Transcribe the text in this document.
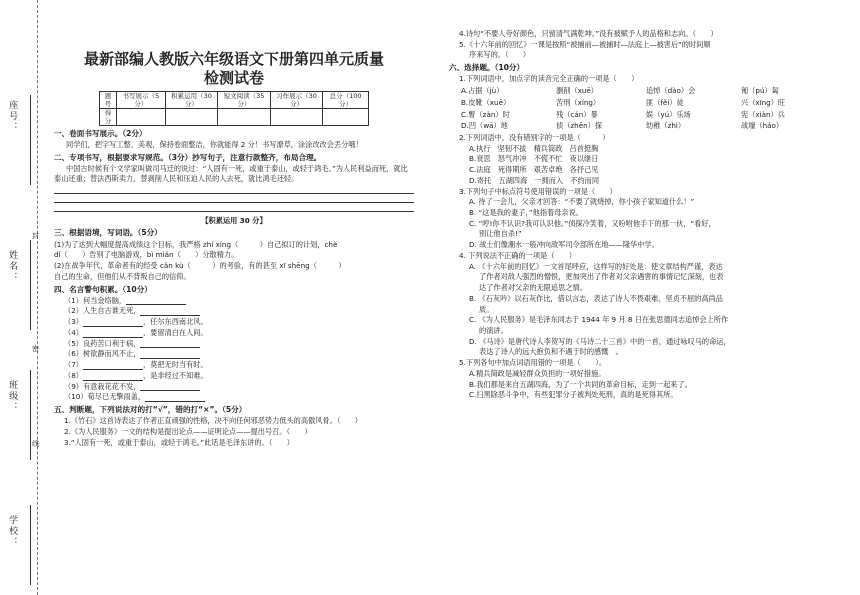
座号：
姓名：
班级：
学校：
封
密
线

最新部编人教版六年级语文下册第四单元质量

检测试卷

题号	书写展示（5分）	积累运用（30分）	短文阅读（35分）	习作展示（30分）	总分（100分）
得分					
一、卷面书写展示。（2分）
同学们，把字写工整、美观，保持卷面整洁，你就能得 2 分！书写潦草，涂涂改改会丢分哦！
二、专项书写，根据要求写规范。（3分）抄写句子，注意行款整齐，布局合理。
中国古时候有个文学家叫做司马迁的说过：“人固有一死，或重于泰山，或轻于鸿毛。”为人民利益而死，就比泰山还重；替法西斯卖力，替剥削人民和压迫人民的人去死，就比鸿毛还轻。
【积累运用 30 分】
三、根据语境，写词语。（5分）
(1)为了达到大幅度提高成绩这个目标，我严格 zhí xíng（　　　）自己拟订的计划，chè
dǐ（　　）告别了电脑游戏，bì miǎn（　　）分散精力。
(2)在战争年代，革命者有的经受 cǎn kù（　　　）的考验，有的甚至 xī shēng（　　　）
自己的生命，但他们从不背叛自己的信仰。
四、名言警句积累。（10分）
（1）何当金络脑，
（2）人生自古谁无死，
（3）	，任尔东西南北风。
（4）	，要留清白在人间。
（5）良药苦口利于病，
（6）树欲静而风不止，
（7）	，莫把无时当有时。
（8）	，是非经过不知难。
（9）有意栽花花不发，
（10）荀尽已无擎雨盖，
五、判断题，下列说法对的打“√”，错的打“×”。（5分）
1.《竹石》这首诗表达了作者正直顽强的性格，决不向任何邪恶势力低头的高傲风骨。（　　）
2.《为人民服务》一文的结构是提出论点——证明论点——提出号召。（　　）
3.“人固有一死，或重于泰山，或轻于鸿毛。”此话是毛泽东讲的。（　　）
4.诗句“不要人夸好颜色，只留清气满乾坤。”没有被赋予人的品格和志向。（　　）
5.《十六年前的回忆》一课是按照“被捕前—被捕时—法庭上—被害后”的时间顺
序来写的。（　　）
六、选择题。（10分）
1.下列词语中，加点字的读音完全正确的一项是（　　）
A.占据（jù）	瀏削（xuē）	追悼（dào）会	匍（pú）匐
B.皮靴（xuē）	苦刑（xíng）	匪（fěi）徒	兴（xīng）旺
C.瞥（zàn）时	残（cán）暴	娱（yú）乐场	宪（xiàn）兵
D.凹（wā）地	侦（zhēn）探	幼稚（zhì）	战壕（háo）
2.下列词语中，没有错别字的一项是（　　　）
A.执行　坚韧不拔　精兵筒政　吕首挺胸
B.衰思　怒气冲冲　不慌不忙　夜以继日
C.法庭　死得期所　艰苦卓绝　各抒己见
D.寄托　五湖四海　一拥而入　不约而同
3.下列句子中标点符号使用错误的一项是（　　）
A. 待了一会儿，父亲才回答：“不要了就烧掉，你小孩子家知道什么！”
B. “这是我的妻子，”他指着母亲说。
C. “哼!你不认识?我可认识他。”侦探冷笑着，又吩咐他手下的那一伙，“看好，
别让他自杀!”
D. 战士们像潮水一般冲向敌军司令部所在地——隆华中学。
4. 下列说法不正确的一项是（　　）
A. 《十六年前的回忆》一文首尾呼应，这样写的好处是：使文章结构严谨，表达
了作者对敌人强烈的憎恨，更加突出了作者对父亲遇害的事情记忆深刻，也表
达了作者对父亲的无限追思之情。
B. 《石灰吟》以石灰作比，借以言志，表达了诗人不畏艰难、坚贞不屈的高尚品
质。
C. 《为人民服务》是毛泽东同志于 1944 年 9 月 8 日在张思德同志追悼会上所作
的演讲。
D. 《马诗》是唐代诗人李贺写的《马诗二十三首》中的一首，通过咏叹马的命运，
表达了诗人的远大抱负和不遇于时的感慨　。
5.下列各句中加点词语用错的一项是（　　）。
A.精兵简政是减轻群众负担的一项好措施。
B.我们都是来自五湖四海，为了一个共同的革命目标，走到一起来了。
C.扫黑除恶斗争中，有些犯罪分子被判处死刑，真的是死得其所。
